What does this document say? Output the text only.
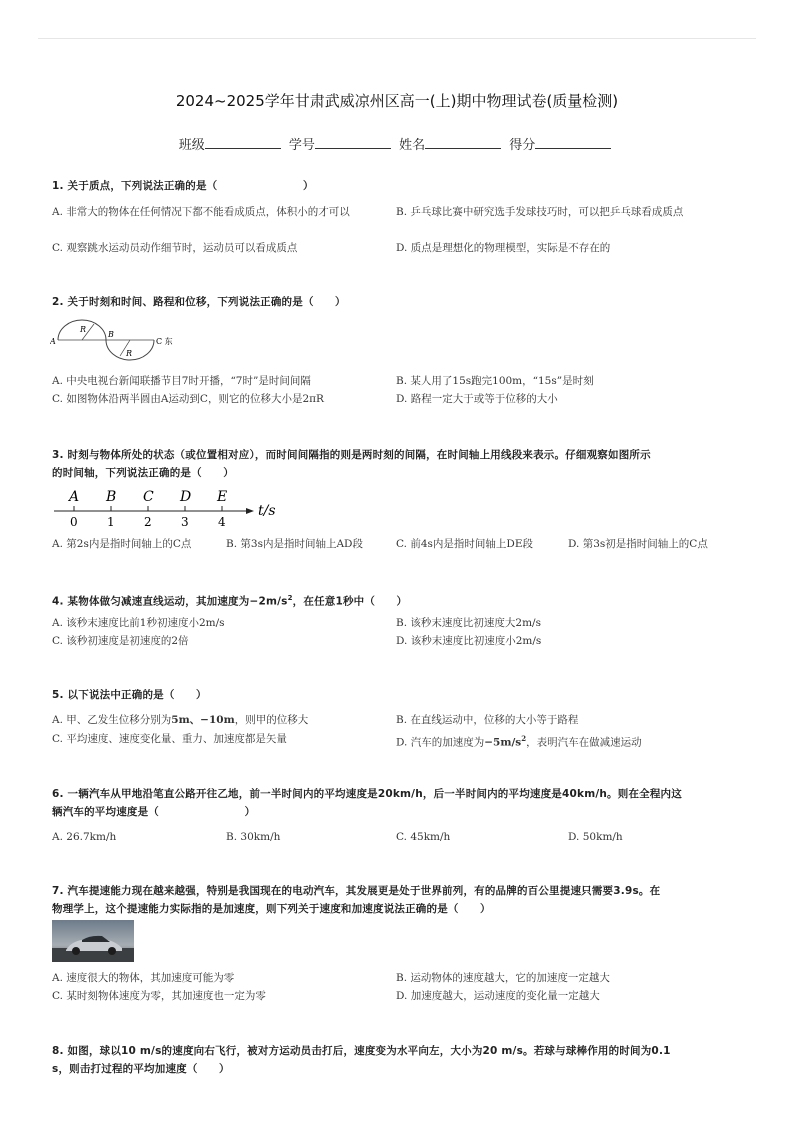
2024~2025学年甘肃武威凉州区高一(上)期中物理试卷(质量检测)
班级	学号	姓名	得分
1. 关于质点，下列说法正确的是（　　　　　　　　）
A. 非常大的物体在任何情况下都不能看成质点，体积小的才可以	B. 乒乓球比赛中研究选手发球技巧时，可以把乒乓球看成质点
C. 观察跳水运动员动作细节时，运动员可以看成质点	D. 质点是理想化的物理模型，实际是不存在的
2. 关于时刻和时间、路程和位移，下列说法正确的是（　　）
A
B
C 东
R
R
A. 中央电视台新闻联播节目7时开播，“7时”是时间间隔	B. 某人用了15s跑完100m，“15s”是时刻
C. 如图物体沿两半圆由A运动到C，则它的位移大小是2πR	D. 路程一定大于或等于位移的大小
3. 时刻与物体所处的状态（或位置相对应），而时间间隔指的则是两时刻的间隔，在时间轴上用线段来表示。仔细观察如图所示
的时间轴，下列说法正确的是（　　）
A B C D E
0 1 2 3 4
t/s
A. 第2s内是指时间轴上的C点	B. 第3s内是指时间轴上AD段	C. 前4s内是指时间轴上DE段	D. 第3s初是指时间轴上的C点
4. 某物体做匀减速直线运动，其加速度为$-2m/s^2$，在任意1秒中（　　）
A. 该秒末速度比前1秒初速度小2m/s	B. 该秒末速度比初速度大2m/s
C. 该秒初速度是初速度的2倍	D. 该秒末速度比初速度小2m/s
5. 以下说法中正确的是（　　）
A. 甲、乙发生位移分别为5m、−10m，则甲的位移大	B. 在直线运动中，位移的大小等于路程
C. 平均速度、速度变化量、重力、加速度都是矢量	D. 汽车的加速度为$-5m/s^2$，表明汽车在做减速运动
6. 一辆汽车从甲地沿笔直公路开往乙地，前一半时间内的平均速度是20km/h，后一半时间内的平均速度是40km/h。则在全程内这
辆汽车的平均速度是（　　　　　　　　）
A. 26.7km/h	B. 30km/h	C. 45km/h	D. 50km/h
7. 汽车提速能力现在越来越强，特别是我国现在的电动汽车，其发展更是处于世界前列，有的品牌的百公里提速只需要3.9s。在
物理学上，这个提速能力实际指的是加速度，则下列关于速度和加速度说法正确的是（　　）
A. 速度很大的物体，其加速度可能为零	B. 运动物体的速度越大，它的加速度一定越大
C. 某时刻物体速度为零，其加速度也一定为零	D. 加速度越大，运动速度的变化量一定越大
8. 如图，球以10 m/s的速度向右飞行，被对方运动员击打后，速度变为水平向左，大小为20 m/s。若球与球棒作用的时间为0.1
s，则击打过程的平均加速度（　　）
